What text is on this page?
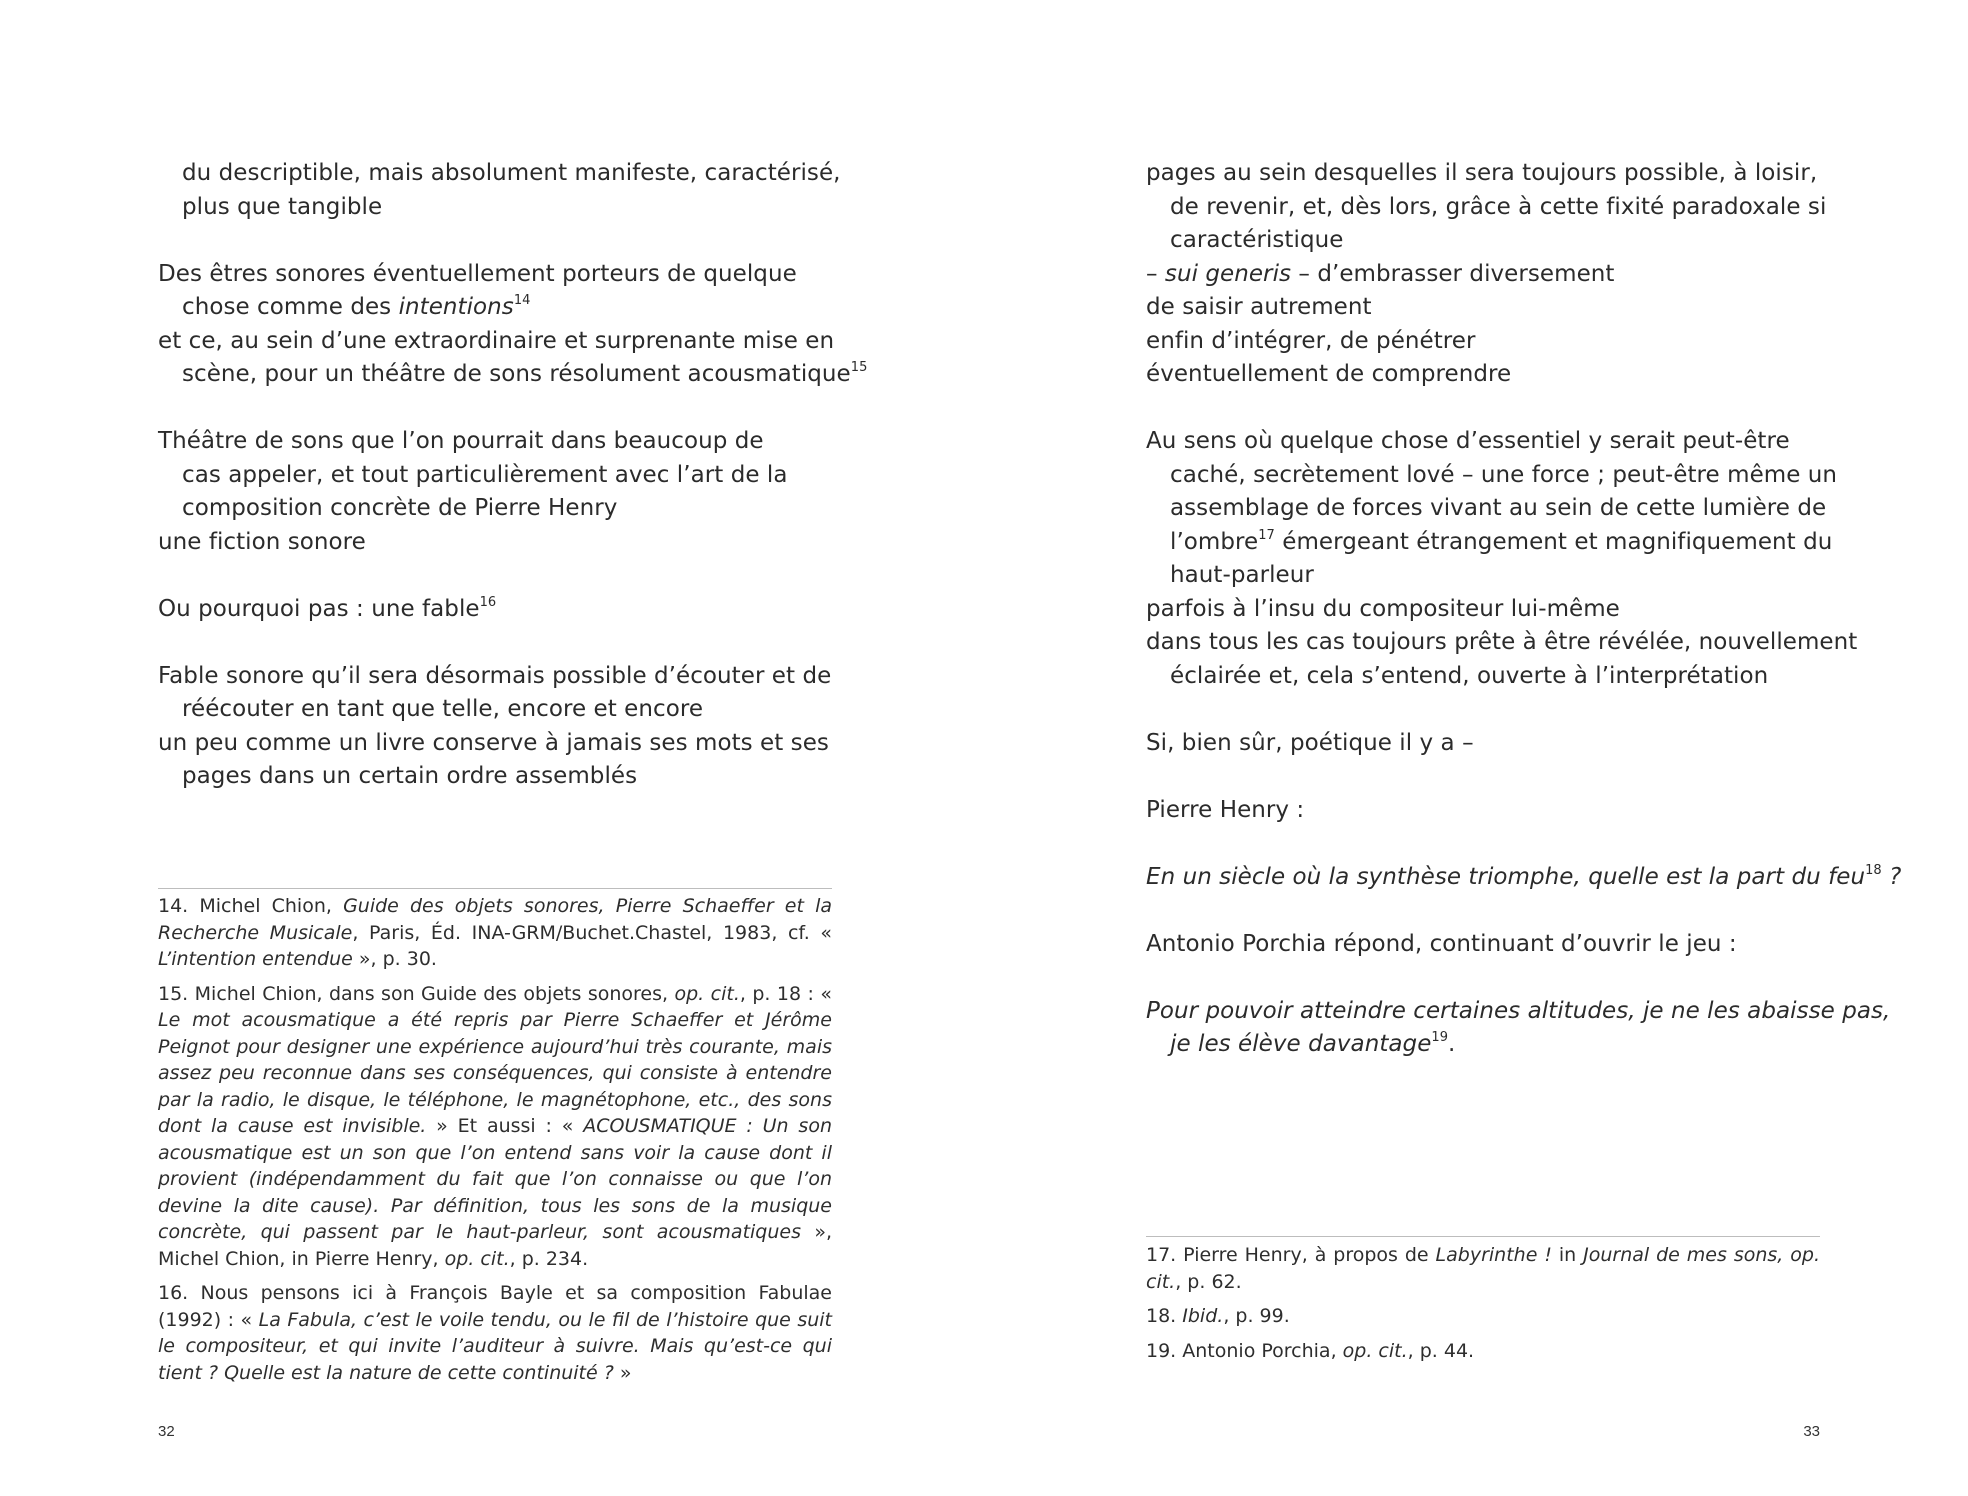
du descriptible, mais absolument manifeste, caractérisé,
plus que tangible
Des êtres sonores éventuellement porteurs de quelque
chose comme des intentions$^{14}$
et ce, au sein d’une extraordinaire et surprenante mise en
scène, pour un théâtre de sons résolument acousmatique$^{15}$
Théâtre de sons que l’on pourrait dans beaucoup de
cas appeler, et tout particulièrement avec l’art de la
composition concrète de Pierre Henry
une fiction sonore
Ou pourquoi pas : une fable$^{16}$
Fable sonore qu’il sera désormais possible d’écouter et de
réécouter en tant que telle, encore et encore
un peu comme un livre conserve à jamais ses mots et ses
pages dans un certain ordre assemblés
14. Michel Chion, Guide des objets sonores, Pierre Schaeffer et la Recherche Musicale, Paris, Éd. INA-GRM/Buchet.Chastel, 1983, cf. « L’intention entendue », p. 30.
15. Michel Chion, dans son Guide des objets sonores, op. cit., p. 18 : « Le mot acousmatique a été repris par Pierre Schaeffer et Jérôme Peignot pour designer une expérience aujourd’hui très courante, mais assez peu reconnue dans ses conséquences, qui consiste à entendre par la radio, le disque, le téléphone, le magnétophone, etc., des sons dont la cause est invisible. » Et aussi : « ACOUSMATIQUE : Un son acousmatique est un son que l’on entend sans voir la cause dont il provient (indépendamment du fait que l’on connaisse ou que l’on devine la dite cause). Par définition, tous les sons de la musique concrète, qui passent par le haut-parleur, sont acousmatiques », Michel Chion, in Pierre Henry, op. cit., p. 234.
16. Nous pensons ici à François Bayle et sa composition Fabulae (1992) : « La Fabula, c’est le voile tendu, ou le fil de l’histoire que suit le compositeur, et qui invite l’auditeur à suivre. Mais qu’est-ce qui tient ? Quelle est la nature de cette continuité ? »
32
pages au sein desquelles il sera toujours possible, à loisir,
de revenir, et, dès lors, grâce à cette fixité paradoxale si
caractéristique
– sui generis – d’embrasser diversement
de saisir autrement
enfin d’intégrer, de pénétrer
éventuellement de comprendre
Au sens où quelque chose d’essentiel y serait peut-être
caché, secrètement lové – une force ; peut-être même un
assemblage de forces vivant au sein de cette lumière de
l’ombre$^{17}$ émergeant étrangement et magnifiquement du
haut-parleur
parfois à l’insu du compositeur lui-même
dans tous les cas toujours prête à être révélée, nouvellement
éclairée et, cela s’entend, ouverte à l’interprétation
Si, bien sûr, poétique il y a –
Pierre Henry :
En un siècle où la synthèse triomphe, quelle est la part du feu$^{18}$ ?
Antonio Porchia répond, continuant d’ouvrir le jeu :
Pour pouvoir atteindre certaines altitudes, je ne les abaisse pas,
je les élève davantage$^{19}$.
17. Pierre Henry, à propos de Labyrinthe ! in Journal de mes sons, op. cit., p. 62.
18. Ibid., p. 99.
19. Antonio Porchia, op. cit., p. 44.
33
